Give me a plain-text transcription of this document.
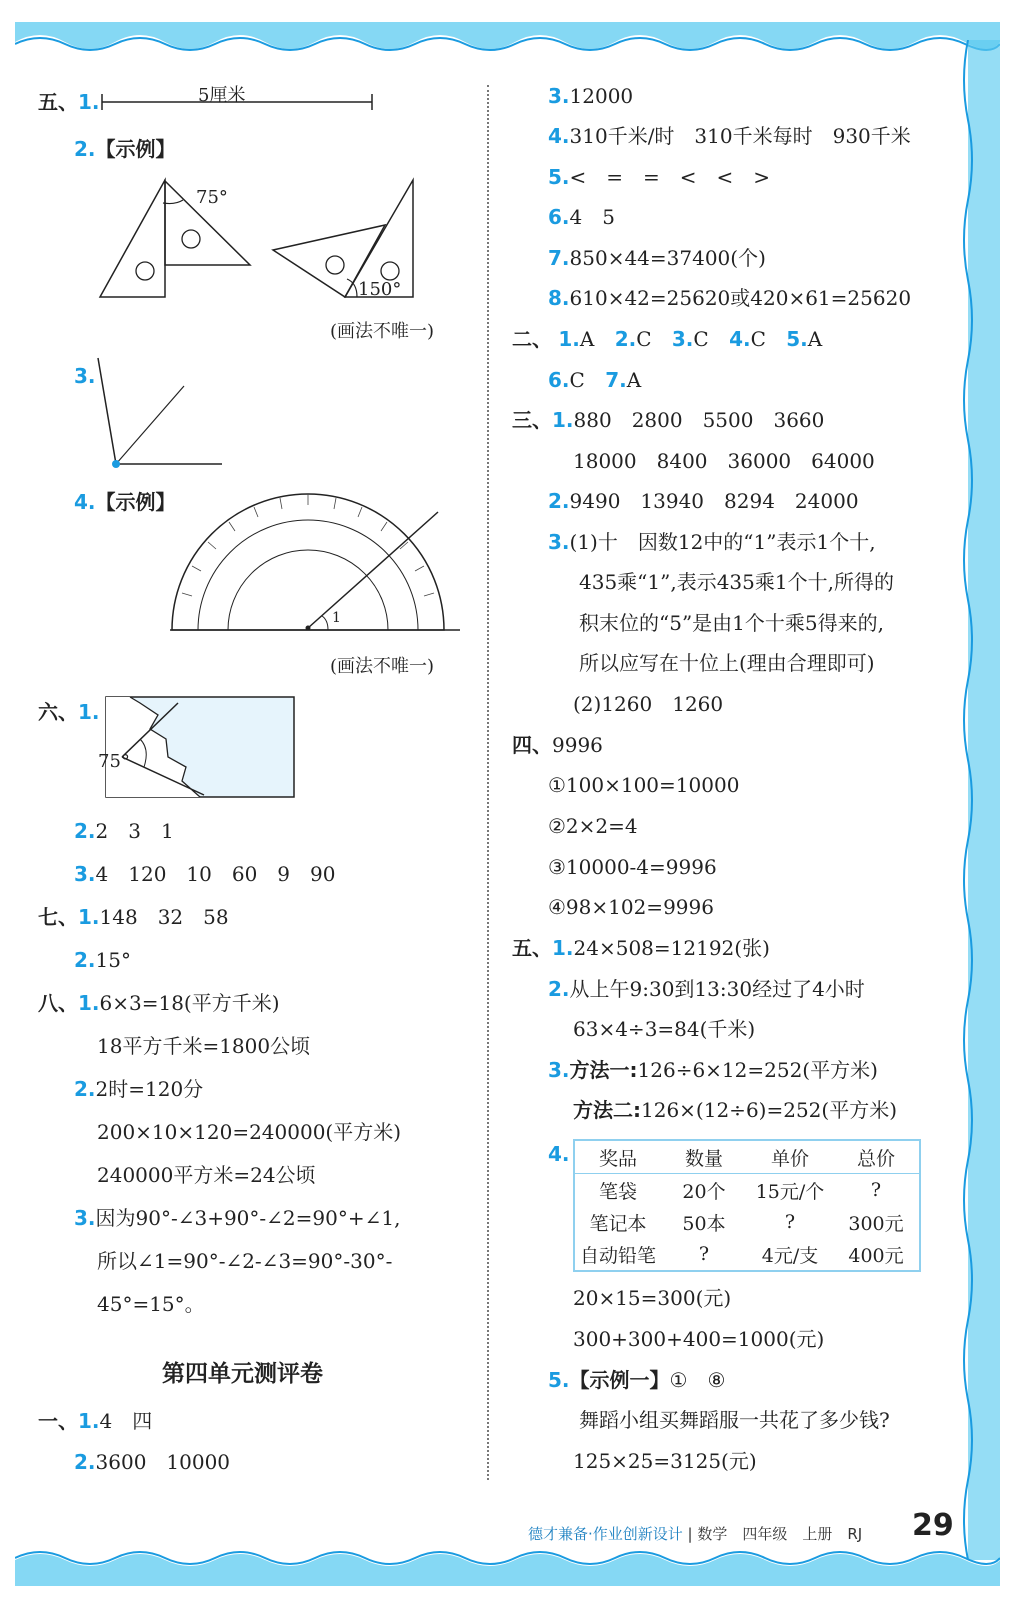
五、1.	5厘米
2.【示例】
75°
150°
(画法不唯一)
3.
4.【示例】
1
(画法不唯一)
六、1.
75°
2.2　3　1
3.4　120　10　60　9　90
七、1.148　32　58
2.15°
八、1.6×3=18(平方千米)
18平方千米=1800公顷
2.2时=120分
200×10×120=240000(平方米)
240000平方米=24公顷
3.因为90°-∠3+90°-∠2=90°+∠1,
所以∠1=90°-∠2-∠3=90°-30°-
45°=15°。
第四单元测评卷
一、1.4　四
2.3600　10000
3.12000
4.310千米/时　310千米每时　930千米
5.<　=　=　<　<　>
6.4　5
7.850×44=37400(个)
8.610×42=25620或420×61=25620
二、 1.A 2.C 3.C 4.C 5.A
6.C 7.A
三、1.880　2800　5500　3660
18000　8400　36000　64000
2.9490　13940　8294　24000
3.(1)十　因数12中的“1”表示1个十,
435乘“1”,表示435乘1个十,所得的
积末位的“5”是由1个十乘5得来的,
所以应写在十位上(理由合理即可)
(2)1260　1260
四、9996
①100×100=10000
②2×2=4
③10000-4=9996
④98×102=9996
五、1.24×508=12192(张)
2.从上午9:30到13:30经过了4小时
63×4÷3=84(千米)
3.方法一:126÷6×12=252(平方米)
方法二:126×(12÷6)=252(平方米)
4. 奖品	数量	单价	总价
笔袋	20个	15元/个	?
笔记本	50本	?	300元
自动铅笔	?	4元/支	400元
20×15=300(元)
300+300+400=1000(元)
5.【示例一】①　⑧
舞蹈小组买舞蹈服一共花了多少钱?
125×25=3125(元)
德才兼备·作业创新设计 | 数学　四年级　上册　RJ 29
